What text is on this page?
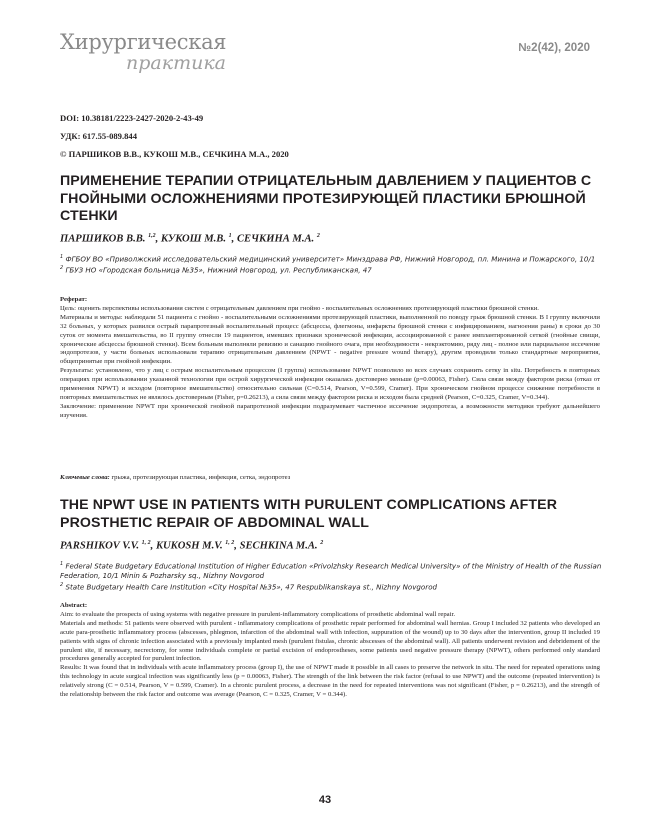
Хирургическая
практика
№2(42), 2020
DOI: 10.38181/2223-2427-2020-2-43-49
УДК: 617.55-089.844
© ПАРШИКОВ В.В., КУКОШ М.В., СЕЧКИНА М.А., 2020
ПРИМЕНЕНИЕ ТЕРАПИИ ОТРИЦАТЕЛЬНЫМ ДАВЛЕНИЕМ У ПАЦИЕНТОВ С ГНОЙНЫМИ ОСЛОЖНЕНИЯМИ ПРОТЕЗИРУЮЩЕЙ ПЛАСТИКИ БРЮШНОЙ СТЕНКИ
ПАРШИКОВ В.В. $^{1,2}$, КУКОШ М.В. $^1$, СЕЧКИНА М.А. $^2$
$^1$ ФГБОУ ВО «Приволжский исследовательский медицинский университет» Минздрава РФ, Нижний Новгород, пл. Минина и Пожарского, 10/1
$^2$ ГБУЗ НО «Городская больница №35», Нижний Новгород, ул. Республиканская, 47
Реферат:
Цель: оценить перспективы использования систем с отрицательным давлением при гнойно - воспалительных осложнениях протезирующей пластики брюшной стенки.
Материалы и методы: наблюдали 51 пациента с гнойно - воспалительными осложнениями протезирующей пластики, выполненной по поводу грыж брюшной стенки. В I группу включили 32 больных, у которых развился острый парапротезный воспалительный процесс (абсцессы, флегмоны, инфаркты брюшной стенки с инфицированием, нагноения раны) в сроки до 30 суток от момента вмешательства, во II группу отнесли 19 пациентов, имевших признаки хронической инфекции, ассоциированной с ранее имплантированной сеткой (гнойные свищи, хронические абсцессы брюшной стенки). Всем больным выполняли ревизию и санацию гнойного очага, при необходимости - некрэктомию, ряду лиц - полное или парциальное иссечение эндопротезов, у части больных использовали терапию отрицательным давлением (NPWT - negative pressure wound therapy), другим проводили только стандартные мероприятия, общепринятые при гнойной инфекции.
Результаты: установлено, что у лиц с острым воспалительным процессом (I группа) использование NPWT позволило во всех случаях сохранить сетку in situ. Потребность в повторных операциях при использовании указанной технологии при острой хирургической инфекции оказалась достоверно меньше (p=0.00063, Fisher). Сила связи между фактором риска (отказ от применения NPWT) и исходом (повторное вмешательство) относительно сильная (C=0.514, Pearson, V=0.599, Cramer). При хроническом гнойном процессе снижение потребности в повторных вмешательствах не являлось достоверным (Fisher, p=0.26213), а сила связи между фактором риска и исходом была средней (Pearson, C=0.325, Cramer, V=0.344).
Заключение: применение NPWT при хронической гнойной парапротезной инфекции подразумевает частичное иссечение эндопротеза, а возможности методики требуют дальнейшего изучения.
Ключевые слова: грыжа, протезирующая пластика, инфекция, сетка, эндопротез
THE NPWT USE IN PATIENTS WITH PURULENT COMPLICATIONS AFTER PROSTHETIC REPAIR OF ABDOMINAL WALL
PARSHIKOV V.V. $^{1, 2}$, KUKOSH M.V. $^{1, 2}$, SECHKINA M.A. $^2$
$^1$ Federal State Budgetary Educational Institution of Higher Education «Privolzhsky Research Medical University» of the Ministry of Health of the Russian Federation, 10/1 Minin & Pozharsky sq., Nizhny Novgorod
$^2$ State Budgetary Health Care Institution «City Hospital №35», 47 Respublikanskaya st., Nizhny Novgorod
Abstract:
Aim: to evaluate the prospects of using systems with negative pressure in purulent-inflammatory complications of prosthetic abdominal wall repair.
Materials and methods: 51 patients were observed with purulent - inflammatory complications of prosthetic repair performed for abdominal wall hernias. Group I included 32 patients who developed an acute para-prosthetic inflammatory process (abscesses, phlegmon, infarction of the abdominal wall with infection, suppuration of the wound) up to 30 days after the intervention, group II included 19 patients with signs of chronic infection associated with a previously implanted mesh (purulent fistulas, chronic abscesses of the abdominal wall). All patients underwent revision and debridement of the purulent site, if necessary, necrectomy, for some individuals complete or partial excision of endoprostheses, some patients used negative pressure therapy (NPWT), others performed only standard procedures generally accepted for purulent infection.
Results: It was found that in individuals with acute inflammatory process (group I), the use of NPWT made it possible in all cases to preserve the network in situ. The need for repeated operations using this technology in acute surgical infection was significantly less (p = 0.00063, Fisher). The strength of the link between the risk factor (refusal to use NPWT) and the outcome (repeated intervention) is relatively strong (C = 0.514, Pearson, V = 0.599, Cramer). In a chronic purulent process, a decrease in the need for repeated interventions was not significant (Fisher, p = 0.26213), and the strength of the relationship between the risk factor and outcome was average (Pearson, C = 0.325, Cramer, V = 0.344).
43
